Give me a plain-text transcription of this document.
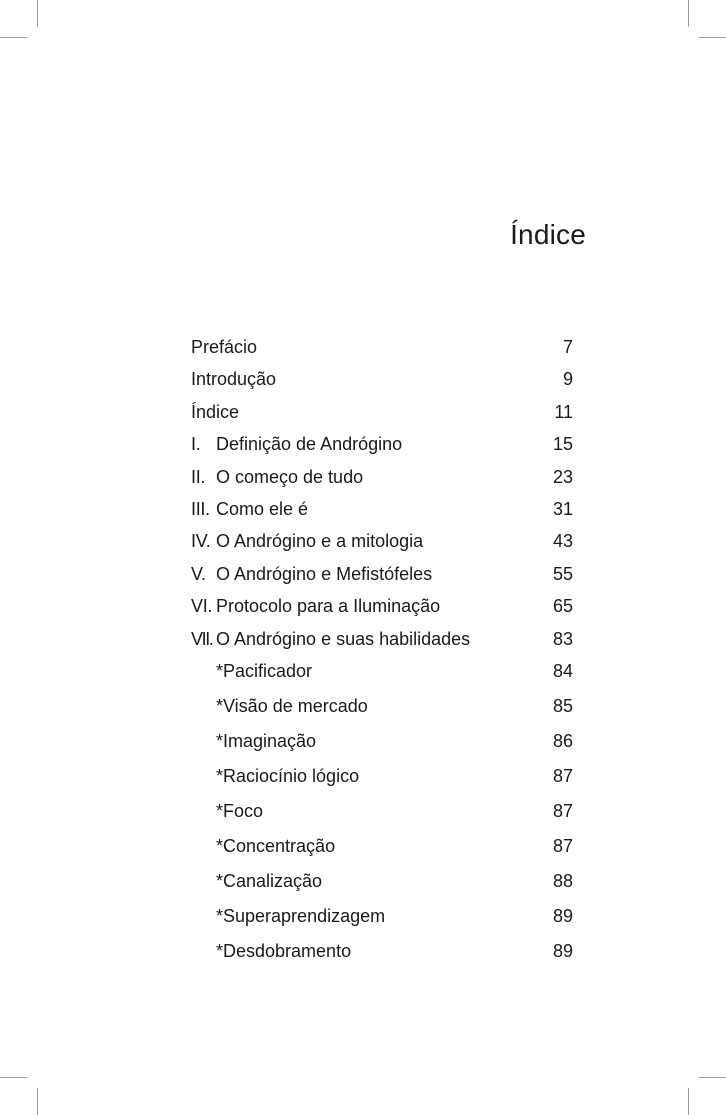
Índice
Prefácio	7
Introdução	9
Índice	11
I. Definição de Andrógino	15
II. O começo de tudo	23
III. Como ele é	31
IV. O Andrógino e a mitologia	43
V. O Andrógino e Mefistófeles	55
VI. Protocolo para a Iluminação	65
VII. O Andrógino e suas habilidades	83
*Pacificador	84
*Visão de mercado	85
*Imaginação	86
*Raciocínio lógico	87
*Foco	87
*Concentração	87
*Canalização	88
*Superaprendizagem	89
*Desdobramento	89
